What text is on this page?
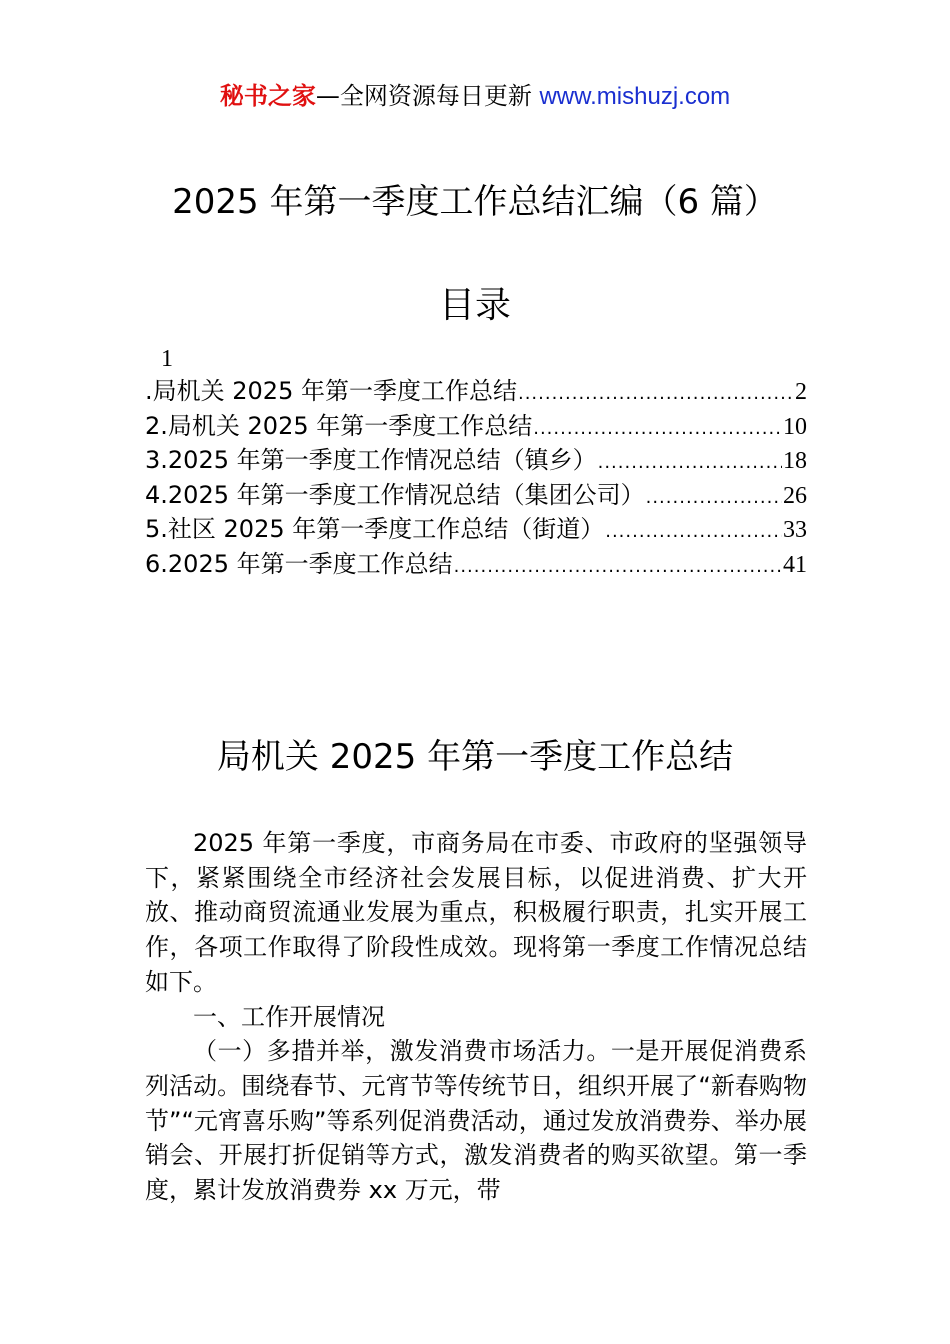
秘书之家—全网资源每日更新 www.mishuzj.com
2025 年第一季度工作总结汇编（6 篇）
目录
1
.局机关 2025 年第一季度工作总结 .....	2
2.局机关 2025 年第一季度工作总结 .....	10
3.2025 年第一季度工作情况总结（镇乡） .....	18
4.2025 年第一季度工作情况总结（集团公司） .....	26
5.社区 2025 年第一季度工作总结（街道） .....	33
6.2025 年第一季度工作总结 .....	41
局机关 2025 年第一季度工作总结

2025 年第一季度，市商务局在市委、市政府的坚强领导下，紧紧围绕全市经济社会发展目标，以促进消费、扩大开放、推动商贸流通业发展为重点，积极履行职责，扎实开展工作，各项工作取得了阶段性成效。现将第一季度工作情况总结如下。

一、工作开展情况

（一）多措并举，激发消费市场活力。一是开展促消费系列活动。围绕春节、元宵节等传统节日，组织开展了“新春购物节”“元宵喜乐购”等系列促消费活动，通过发放消费券、举办展销会、开展打折促销等方式，激发消费者的购买欲望。第一季度，累计发放消费券 xx 万元，带
